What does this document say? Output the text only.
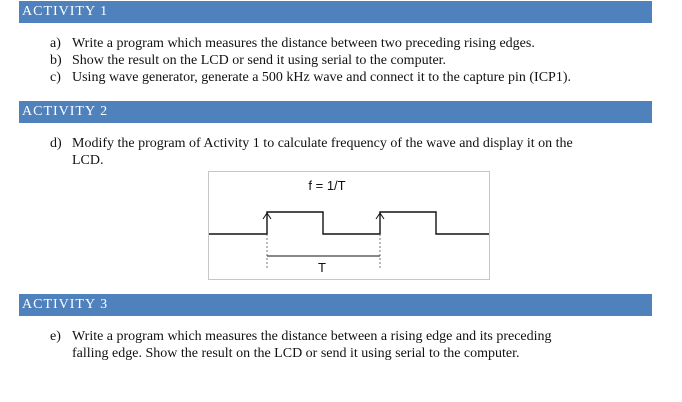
ACTIVITY 1
a) Write a program which measures the distance between two preceding rising edges.
b) Show the result on the LCD or send it using serial to the computer.
c) Using wave generator, generate a 500 kHz wave and connect it to the capture pin (ICP1).
ACTIVITY 2
d) Modify the program of Activity 1 to calculate frequency of the wave and display it on the
LCD.
f = 1/T
T
ACTIVITY 3
e) Write a program which measures the distance between a rising edge and its preceding
falling edge. Show the result on the LCD or send it using serial to the computer.
